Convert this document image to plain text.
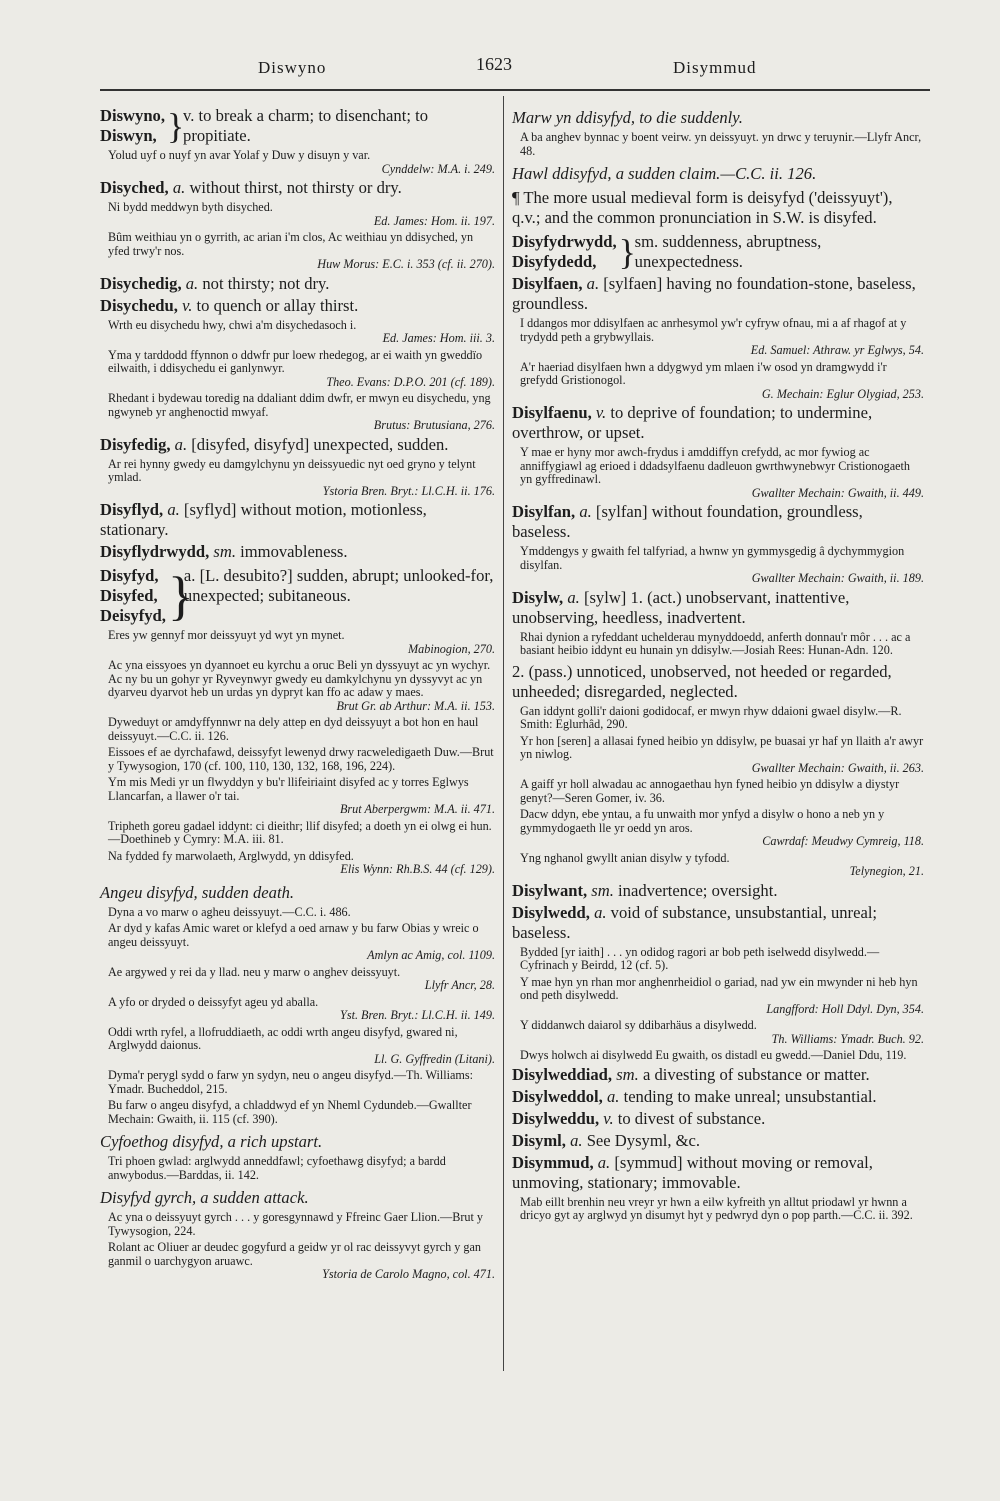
Diswyno	1623	Disymmud
Diswyno,
Diswyn, }
v. to break a charm; to disenchant; to propitiate.
Yolud uyf o nuyf yn avar Yolaf y Duw y disuyn y var.
Cynddelw: M.A. i. 249.
Disyched, a. without thirst, not thirsty or dry.
Ni bydd meddwyn byth disyched.
Ed. James: Hom. ii. 197.
Bûm weithiau yn o gyrrith, ac arian i'm clos, Ac weithiau yn ddisyched, yn yfed trwy'r nos.
Huw Morus: E.C. i. 353 (cf. ii. 270).
Disychedig, a. not thirsty; not dry.
Disychedu, v. to quench or allay thirst.
Wrth eu disychedu hwy, chwi a'm disychedasoch i.
Ed. James: Hom. iii. 3.
Yma y tarddodd ffynnon o ddwfr pur loew rhedegog, ar ei waith yn gweddïo eilwaith, i ddisychedu ei ganlynwyr.
Theo. Evans: D.P.O. 201 (cf. 189).
Rhedant i bydewau toredig na ddaliant ddim dwfr, er mwyn eu disychedu, yng ngwyneb yr anghenoctid mwyaf.
Brutus: Brutusiana, 276.
Disyfedig, a. [disyfed, disyfyd] unexpected, sudden.
Ar rei hynny gwedy eu damgylchynu yn deissyuedic nyt oed gryno y telynt ymlad.
Ystoria Bren. Bryt.: Ll.C.H. ii. 176.
Disyflyd, a. [syflyd] without motion, motionless, stationary.
Disyflydrwydd, sm. immovableness.
Disyfyd,
Disyfed,
Deisyfyd, }
a. [L. desubito?] sudden, abrupt; unlooked-for, unexpected; subitaneous.
Eres yw gennyf mor deissyuyt yd wyt yn mynet.
Mabinogion, 270.
Ac yna eissyoes yn dyannoet eu kyrchu a oruc Beli yn dyssyuyt ac yn wychyr. Ac ny bu un gohyr yr Ryveynwyr gwedy eu damkylchynu yn dyssyvyt ac yn dyarveu dyarvot heb un urdas yn dypryt kan ffo ac adaw y maes.
Brut Gr. ab Arthur: M.A. ii. 153.
Dyweduyt or amdyffynnwr na dely attep en dyd deissyuyt a bot hon en haul deissyuyt.—C.C. ii. 126.
Eissoes ef ae dyrchafawd, deissyfyt lewenyd drwy racweledigaeth Duw.—Brut y Tywysogion, 170 (cf. 100, 110, 130, 132, 168, 196, 224).
Ym mis Medi yr un flwyddyn y bu'r llifeiriaint disyfed ac y torres Eglwys Llancarfan, a llawer o'r tai.
Brut Aberpergwm: M.A. ii. 471.
Tripheth goreu gadael iddynt: ci dieithr; llif disyfed; a doeth yn ei olwg ei hun.—Doethineb y Cymry: M.A. iii. 81.
Na fydded fy marwolaeth, Arglwydd, yn ddisyfed.
Elis Wynn: Rh.B.S. 44 (cf. 129).
Angeu disyfyd, sudden death.
Dyna a vo marw o agheu deissyuyt.—C.C. i. 486.
Ar dyd y kafas Amic waret or klefyd a oed arnaw y bu farw Obias y wreic o angeu deissyuyt.
Amlyn ac Amig, col. 1109.
Ae argywed y rei da y llad. neu y marw o anghev deissyuyt.
Llyfr Ancr, 28.
A yfo or dryded o deissyfyt ageu yd aballa.
Yst. Bren. Bryt.: Ll.C.H. ii. 149.
Oddi wrth ryfel, a llofruddiaeth, ac oddi wrth angeu disyfyd, gwared ni, Arglwydd daionus.
Ll. G. Gyffredin (Litani).
Dyma'r perygl sydd o farw yn sydyn, neu o angeu disyfyd.—Th. Williams: Ymadr. Bucheddol, 215.
Bu farw o angeu disyfyd, a chladdwyd ef yn Nheml Cydundeb.—Gwallter Mechain: Gwaith, ii. 115 (cf. 390).
Cyfoethog disyfyd, a rich upstart.
Tri phoen gwlad: arglwydd anneddfawl; cyfoethawg disyfyd; a bardd anwybodus.—Barddas, ii. 142.
Disyfyd gyrch, a sudden attack.
Ac yna o deissyuyt gyrch . . . y goresgynnawd y Ffreinc Gaer Llion.—Brut y Tywysogion, 224.
Rolant ac Oliuer ar deudec gogyfurd a geidw yr ol rac deissyvyt gyrch y gan ganmil o uarchygyon aruawc.
Ystoria de Carolo Magno, col. 471.
Marw yn ddisyfyd, to die suddenly.
A ba anghev bynnac y boent veirw. yn deissyuyt. yn drwc y teruynir.—Llyfr Ancr, 48.
Hawl ddisyfyd, a sudden claim.—C.C. ii. 126.
¶ The more usual medieval form is deisyfyd ('deissyuyt'), q.v.; and the common pronunciation in S.W. is disyfed.
Disyfydrwydd,
Disyfydedd, }
sm. suddenness, abruptness, unexpectedness.
Disylfaen, a. [sylfaen] having no foundation-stone, baseless, groundless.
I ddangos mor ddisylfaen ac anrhesymol yw'r cyfryw ofnau, mi a af rhagof at y trydydd peth a grybwyllais.
Ed. Samuel: Athraw. yr Eglwys, 54.
A'r haeriad disylfaen hwn a ddygwyd ym mlaen i'w osod yn dramgwydd i'r grefydd Gristionogol.
G. Mechain: Eglur Olygiad, 253.
Disylfaenu, v. to deprive of foundation; to undermine, overthrow, or upset.
Y mae er hyny mor awch-frydus i amddiffyn crefydd, ac mor fywiog ac anniffygiawl ag erioed i ddadsylfaenu dadleuon gwrthwynebwyr Cristionogaeth yn gyffredinawl.
Gwallter Mechain: Gwaith, ii. 449.
Disylfan, a. [sylfan] without foundation, groundless, baseless.
Ymddengys y gwaith fel talfyriad, a hwnw yn gymmysgedig â dychymmygion disylfan.
Gwallter Mechain: Gwaith, ii. 189.
Disylw, a. [sylw] 1. (act.) unobservant, inattentive, unobserving, heedless, inadvertent.
Rhai dynion a ryfeddant uchelderau mynyddoedd, anferth donnau'r môr . . . ac a basiant heibio iddynt eu hunain yn ddisylw.—Josiah Rees: Hunan-Adn. 120.
2. (pass.) unnoticed, unobserved, not heeded or regarded, unheeded; disregarded, neglected.
Gan iddynt golli'r daioni godidocaf, er mwyn rhyw ddaioni gwael disylw.—R. Smith: Eglurhâd, 290.
Yr hon [seren] a allasai fyned heibio yn ddisylw, pe buasai yr haf yn llaith a'r awyr yn niwlog.
Gwallter Mechain: Gwaith, ii. 263.
A gaiff yr holl alwadau ac annogaethau hyn fyned heibio yn ddisylw a diystyr genyt?—Seren Gomer, iv. 36.
Dacw ddyn, ebe yntau, a fu unwaith mor ynfyd a disylw o hono a neb yn y gymmydogaeth lle yr oedd yn aros.
Cawrdaf: Meudwy Cymreig, 118.
Yng nghanol gwyllt anian disylw y tyfodd.
Telynegion, 21.
Disylwant, sm. inadvertence; oversight.
Disylwedd, a. void of substance, unsubstantial, unreal; baseless.
Bydded [yr iaith] . . . yn odidog ragori ar bob peth iselwedd disylwedd.—Cyfrinach y Beirdd, 12 (cf. 5).
Y mae hyn yn rhan mor anghenrheidiol o gariad, nad yw ein mwynder ni heb hyn ond peth disylwedd.
Langfford: Holl Ddyl. Dyn, 354.
Y diddanwch daiarol sy ddibarhäus a disylwedd.
Th. Williams: Ymadr. Buch. 92.
Dwys holwch ai disylwedd Eu gwaith, os distadl eu gwedd.—Daniel Ddu, 119.
Disylweddiad, sm. a divesting of substance or matter.
Disylweddol, a. tending to make unreal; unsubstantial.
Disylweddu, v. to divest of substance.
Disyml, a. See Dysyml, &c.
Disymmud, a. [symmud] without moving or removal, unmoving, stationary; immovable.
Mab eillt brenhin neu vreyr yr hwn a eilw kyfreith yn alltut priodawl yr hwnn a dricyo gyt ay arglwyd yn disumyt hyt y pedwryd dyn o pop parth.—C.C. ii. 392.
